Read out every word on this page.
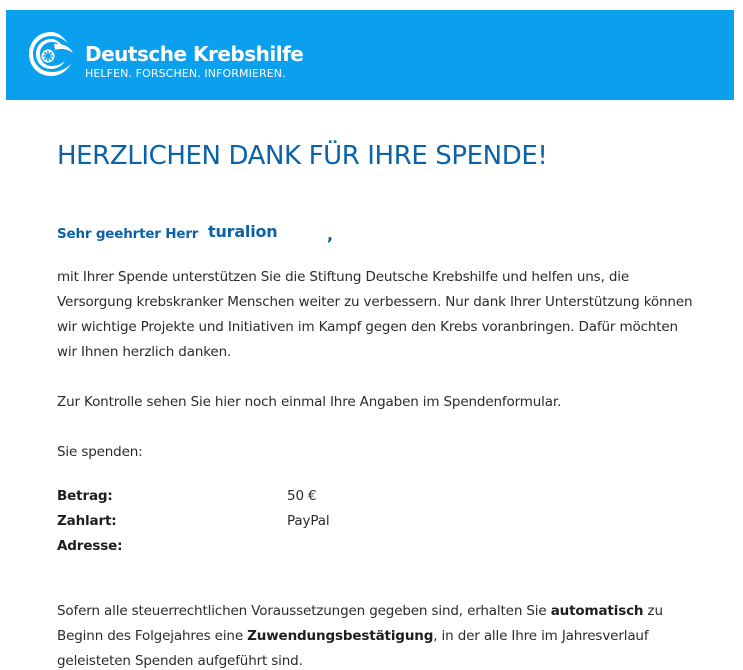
Deutsche Krebshilfe
HELFEN. FORSCHEN. INFORMIEREN.
HERZLICHEN DANK FÜR IHRE SPENDE!
Sehr geehrter Herr turalion	,
mit Ihrer Spende unterstützen Sie die Stiftung Deutsche Krebshilfe und helfen uns, die Versorgung krebskranker Menschen weiter zu verbessern. Nur dank Ihrer Unterstützung können wir wichtige Projekte und Initiativen im Kampf gegen den Krebs voranbringen. Dafür möchten wir Ihnen herzlich danken.
Zur Kontrolle sehen Sie hier noch einmal Ihre Angaben im Spendenformular.
Sie spenden:
Betrag:	50 €
Zahlart:	PayPal
Adresse:
Sofern alle steuerrechtlichen Voraussetzungen gegeben sind, erhalten Sie automatisch zu Beginn des Folgejahres eine Zuwendungsbestätigung, in der alle Ihre im Jahresverlauf geleisteten Spenden aufgeführt sind.
